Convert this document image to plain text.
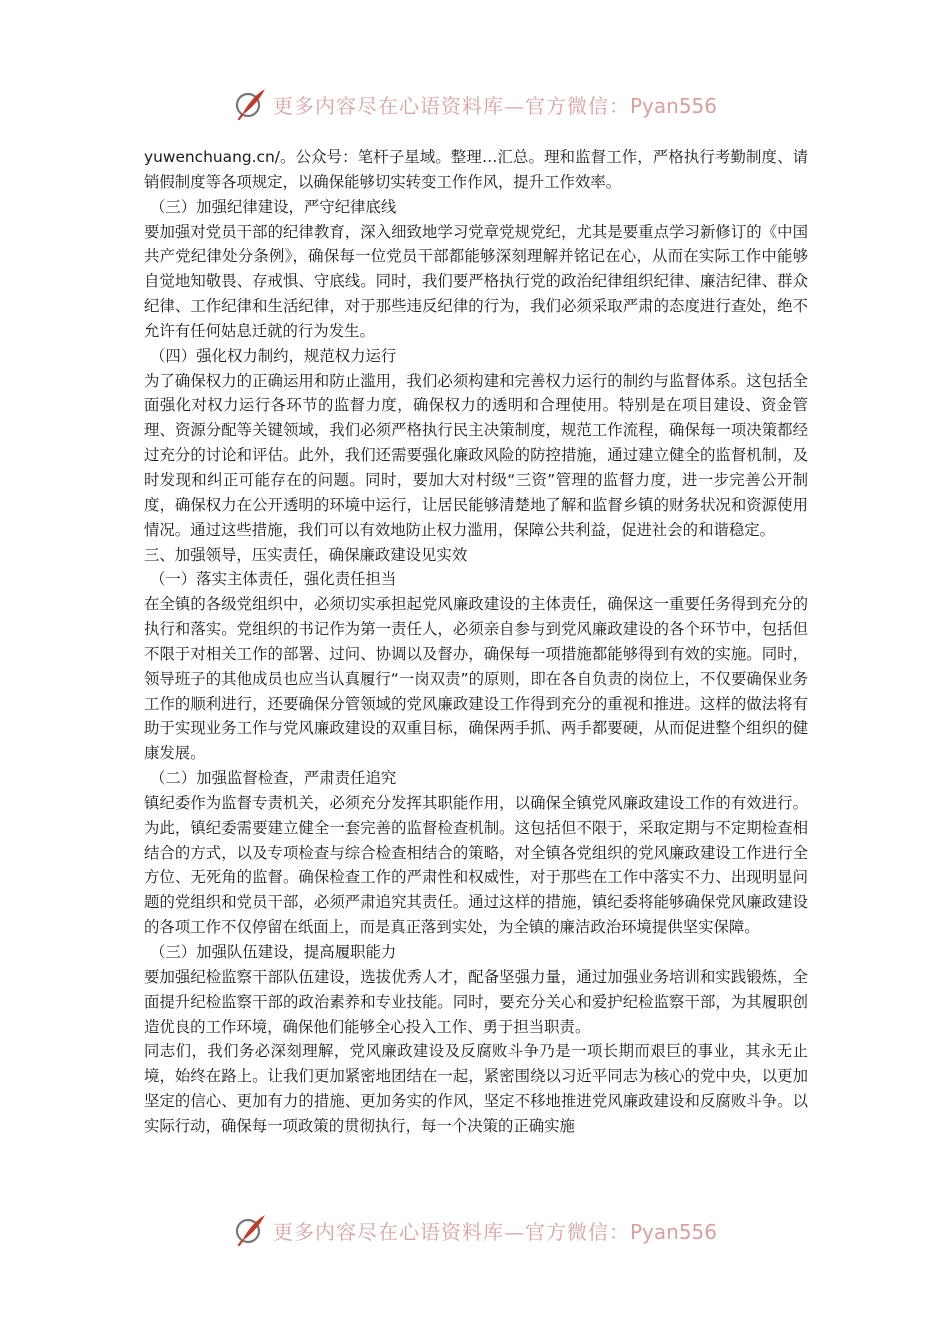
更多内容尽在心语资料库—官方微信：Pyan556

yuwenchuang.cn/。公众号：笔杆子星域。整理…汇总。理和监督工作，严格执行考勤制度、请销假制度等各项规定，以确保能够切实转变工作作风，提升工作效率。

（三）加强纪律建设，严守纪律底线

要加强对党员干部的纪律教育，深入细致地学习党章党规党纪，尤其是要重点学习新修订的《中国共产党纪律处分条例》，确保每一位党员干部都能够深刻理解并铭记在心，从而在实际工作中能够自觉地知敬畏、存戒惧、守底线。同时，我们要严格执行党的政治纪律组织纪律、廉洁纪律、群众纪律、工作纪律和生活纪律，对于那些违反纪律的行为，我们必须采取严肃的态度进行查处，绝不允许有任何姑息迁就的行为发生。

（四）强化权力制约，规范权力运行

为了确保权力的正确运用和防止滥用，我们必须构建和完善权力运行的制约与监督体系。这包括全面强化对权力运行各环节的监督力度，确保权力的透明和合理使用。特别是在项目建设、资金管理、资源分配等关键领域，我们必须严格执行民主决策制度，规范工作流程，确保每一项决策都经过充分的讨论和评估。此外，我们还需要强化廉政风险的防控措施，通过建立健全的监督机制，及时发现和纠正可能存在的问题。同时，要加大对村级“三资”管理的监督力度，进一步完善公开制度，确保权力在公开透明的环境中运行，让居民能够清楚地了解和监督乡镇的财务状况和资源使用情况。通过这些措施，我们可以有效地防止权力滥用，保障公共利益，促进社会的和谐稳定。

三、加强领导，压实责任，确保廉政建设见实效

（一）落实主体责任，强化责任担当

在全镇的各级党组织中，必须切实承担起党风廉政建设的主体责任，确保这一重要任务得到充分的执行和落实。党组织的书记作为第一责任人，必须亲自参与到党风廉政建设的各个环节中，包括但不限于对相关工作的部署、过问、协调以及督办，确保每一项措施都能够得到有效的实施。同时，领导班子的其他成员也应当认真履行“一岗双责”的原则，即在各自负责的岗位上，不仅要确保业务工作的顺利进行，还要确保分管领域的党风廉政建设工作得到充分的重视和推进。这样的做法将有助于实现业务工作与党风廉政建设的双重目标，确保两手抓、两手都要硬，从而促进整个组织的健康发展。

（二）加强监督检查，严肃责任追究

镇纪委作为监督专责机关，必须充分发挥其职能作用，以确保全镇党风廉政建设工作的有效进行。为此，镇纪委需要建立健全一套完善的监督检查机制。这包括但不限于，采取定期与不定期检查相结合的方式，以及专项检查与综合检查相结合的策略，对全镇各党组织的党风廉政建设工作进行全方位、无死角的监督。确保检查工作的严肃性和权威性，对于那些在工作中落实不力、出现明显问题的党组织和党员干部，必须严肃追究其责任。通过这样的措施，镇纪委将能够确保党风廉政建设的各项工作不仅停留在纸面上，而是真正落到实处，为全镇的廉洁政治环境提供坚实保障。

（三）加强队伍建设，提高履职能力

要加强纪检监察干部队伍建设，选拔优秀人才，配备坚强力量，通过加强业务培训和实践锻炼，全面提升纪检监察干部的政治素养和专业技能。同时，要充分关心和爱护纪检监察干部，为其履职创造优良的工作环境，确保他们能够全心投入工作、勇于担当职责。

同志们，我们务必深刻理解，党风廉政建设及反腐败斗争乃是一项长期而艰巨的事业，其永无止境，始终在路上。让我们更加紧密地团结在一起，紧密围绕以习近平同志为核心的党中央，以更加坚定的信心、更加有力的措施、更加务实的作风，坚定不移地推进党风廉政建设和反腐败斗争。以实际行动，确保每一项政策的贯彻执行，每一个决策的正确实施

更多内容尽在心语资料库—官方微信：Pyan556
